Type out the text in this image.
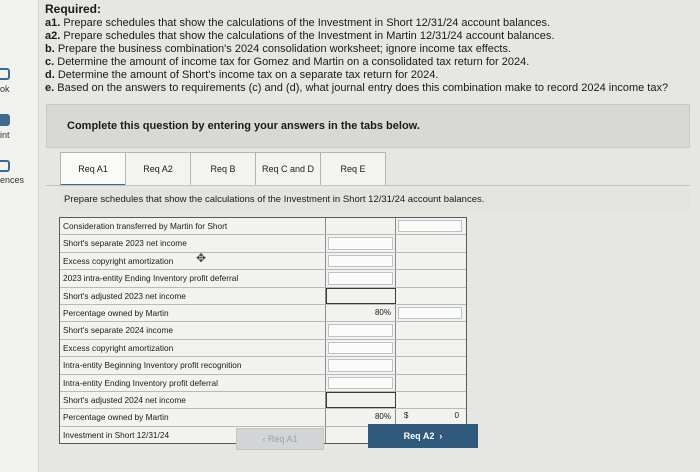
ok
int
ences
Required:
a1. Prepare schedules that show the calculations of the Investment in Short 12/31/24 account balances.
a2. Prepare schedules that show the calculations of the Investment in Martin 12/31/24 account balances.
b. Prepare the business combination's 2024 consolidation worksheet; ignore income tax effects.
c. Determine the amount of income tax for Gomez and Martin on a consolidated tax return for 2024.
d. Determine the amount of Short's income tax on a separate tax return for 2024.
e. Based on the answers to requirements (c) and (d), what journal entry does this combination make to record 2024 income tax?
Complete this question by entering your answers in the tabs below.
Req A1	Req A2	Req B	Req C and D	Req E
Prepare schedules that show the calculations of the Investment in Short 12/31/24 account balances.
Consideration transferred by Martin for Short
Short's separate 2023 net income
Excess copyright amortization
2023 intra-entity Ending Inventory profit deferral
Short's adjusted 2023 net income
Percentage owned by Martin	80%
Short's separate 2024 income
Excess copyright amortization
Intra-entity Beginning Inventory profit recognition
Intra-entity Ending Inventory profit deferral
Short's adjusted 2024 net income
Percentage owned by Martin	80% $	0
Investment in Short 12/31/24
✥
‹ Req A1	Req A2 ›
